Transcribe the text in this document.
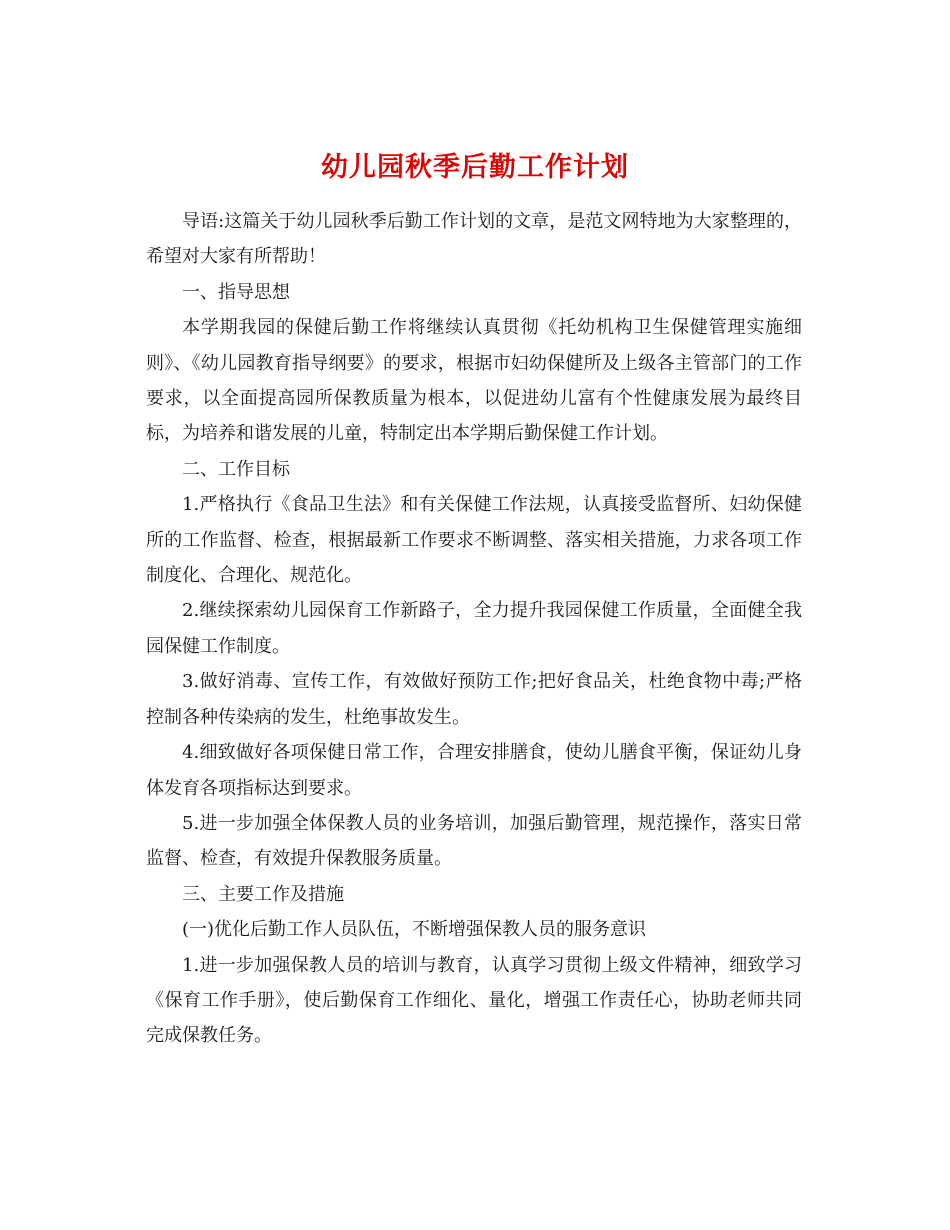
幼儿园秋季后勤工作计划

导语:这篇关于幼儿园秋季后勤工作计划的文章，是范文网特地为大家整理的，希望对大家有所帮助！

一、指导思想

本学期我园的保健后勤工作将继续认真贯彻《托幼机构卫生保健管理实施细则》、《幼儿园教育指导纲要》的要求，根据市妇幼保健所及上级各主管部门的工作要求，以全面提高园所保教质量为根本，以促进幼儿富有个性健康发展为最终目标，为培养和谐发展的儿童，特制定出本学期后勤保健工作计划。

二、工作目标

1.严格执行《食品卫生法》和有关保健工作法规，认真接受监督所、妇幼保健所的工作监督、检查，根据最新工作要求不断调整、落实相关措施，力求各项工作制度化、合理化、规范化。

2.继续探索幼儿园保育工作新路子，全力提升我园保健工作质量，全面健全我园保健工作制度。

3.做好消毒、宣传工作，有效做好预防工作;把好食品关，杜绝食物中毒;严格控制各种传染病的发生，杜绝事故发生。

4.细致做好各项保健日常工作，合理安排膳食，使幼儿膳食平衡，保证幼儿身体发育各项指标达到要求。

5.进一步加强全体保教人员的业务培训，加强后勤管理，规范操作，落实日常监督、检查，有效提升保教服务质量。

三、主要工作及措施

(一)优化后勤工作人员队伍，不断增强保教人员的服务意识

1.进一步加强保教人员的培训与教育，认真学习贯彻上级文件精神，细致学习《保育工作手册》，使后勤保育工作细化、量化，增强工作责任心，协助老师共同完成保教任务。
